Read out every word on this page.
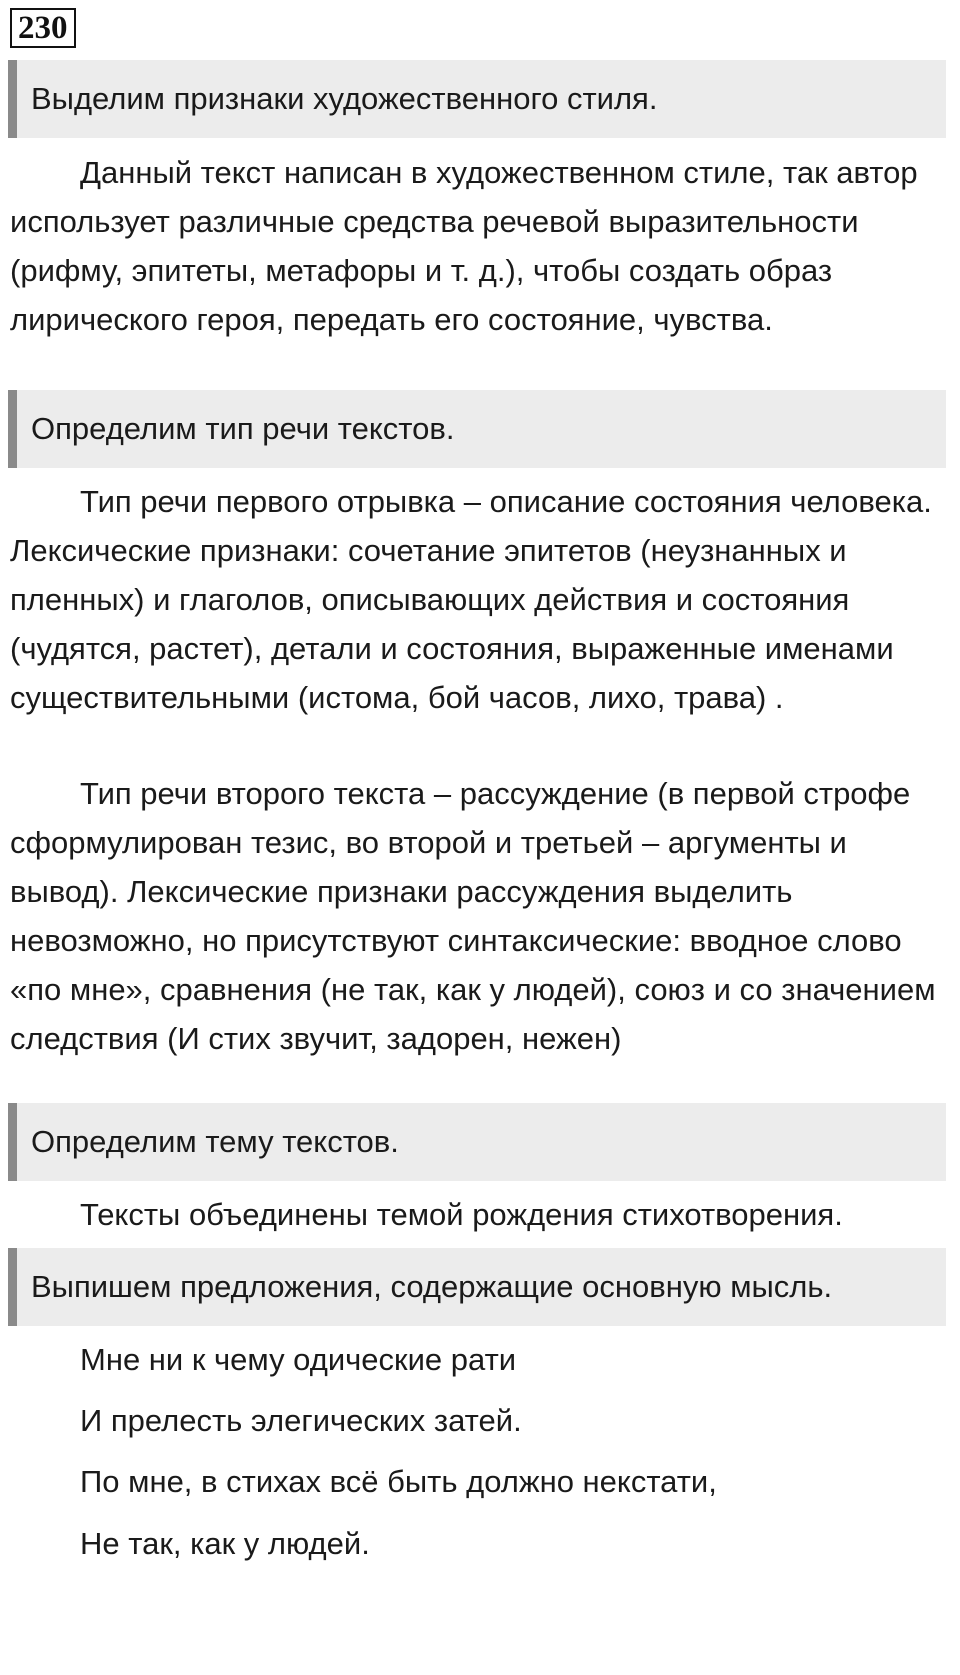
230
Выделим признаки художественного стиля.

Данный текст написан в художественном стиле, так автор использует различные средства речевой выразительности (рифму, эпитеты, метафоры и т. д.), чтобы создать образ лирического героя, передать его состояние, чувства.

Определим тип речи текстов.

Тип речи первого отрывка – описание состояния человека. Лексические признаки: сочетание эпитетов (неузнанных и пленных) и глаголов, описывающих действия и состояния (чудятся, растет), детали и состояния, выраженные именами существительными (истома, бой часов, лихо, трава) .

Тип речи второго текста – рассуждение (в первой строфе сформулирован тезис, во второй и третьей – аргументы и вывод). Лексические признаки рассуждения выделить невозможно, но присутствуют синтаксические: вводное слово «по мне», сравнения (не так, как у людей), союз и со значением следствия (И стих звучит, задорен, нежен)

Определим тему текстов.

Тексты объединены темой рождения стихотворения.

Выпишем предложения, содержащие основную мысль.

Мне ни к чему одические рати

И прелесть элегических затей.

По мне, в стихах всё быть должно некстати,

Не так, как у людей.
